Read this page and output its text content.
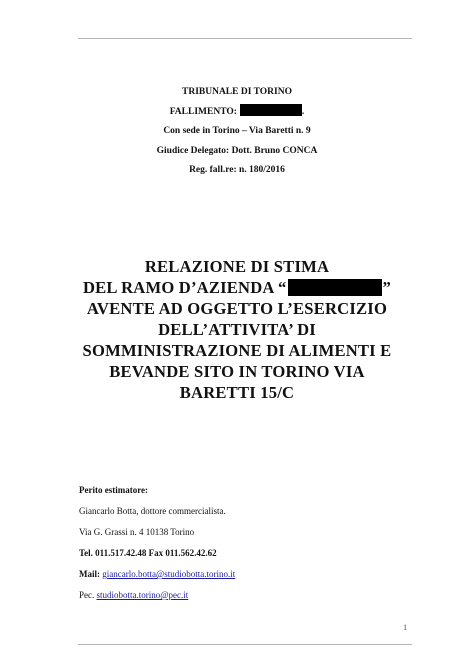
TRIBUNALE DI TORINO
FALLIMENTO:	.
Con sede in Torino – Via Baretti n. 9
Giudice Delegato: Dott. Bruno CONCA
Reg. fall.re: n. 180/2016
RELAZIONE DI STIMA
DEL RAMO D’AZIENDA “	”
AVENTE AD OGGETTO L’ESERCIZIO
DELL’ATTIVITA’ DI
SOMMINISTRAZIONE DI ALIMENTI E
BEVANDE SITO IN TORINO VIA
BARETTI 15/C
Perito estimatore:
Giancarlo Botta, dottore commercialista.
Via G. Grassi n. 4 10138 Torino
Tel. 011.517.42.48 Fax 011.562.42.62
Mail: giancarlo.botta@studiobotta.torino.it
Pec. studiobotta.torino@pec.it
1
